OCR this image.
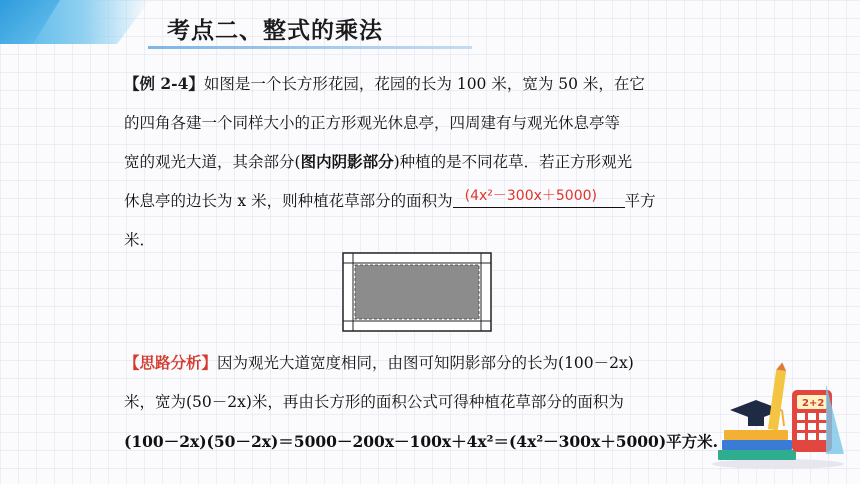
考点二、整式的乘法
【例 2-4】如图是一个长方形花园，花园的长为 100 米，宽为 50 米，在它
的四角各建一个同样大小的正方形观光休息亭，四周建有与观光休息亭等
宽的观光大道，其余部分(图内阴影部分)种植的是不同花草．若正方形观光
休息亭的边长为 x 米，则种植花草部分的面积为 (4x²－300x＋5000) 平方
米．
【思路分析】因为观光大道宽度相同，由图可知阴影部分的长为(100－2x)
米，宽为(50－2x)米，再由长方形的面积公式可得种植花草部分的面积为
(100－2x)(50－2x)＝5000－200x－100x＋4x²＝(4x²－300x＋5000)平方米.
2+2
